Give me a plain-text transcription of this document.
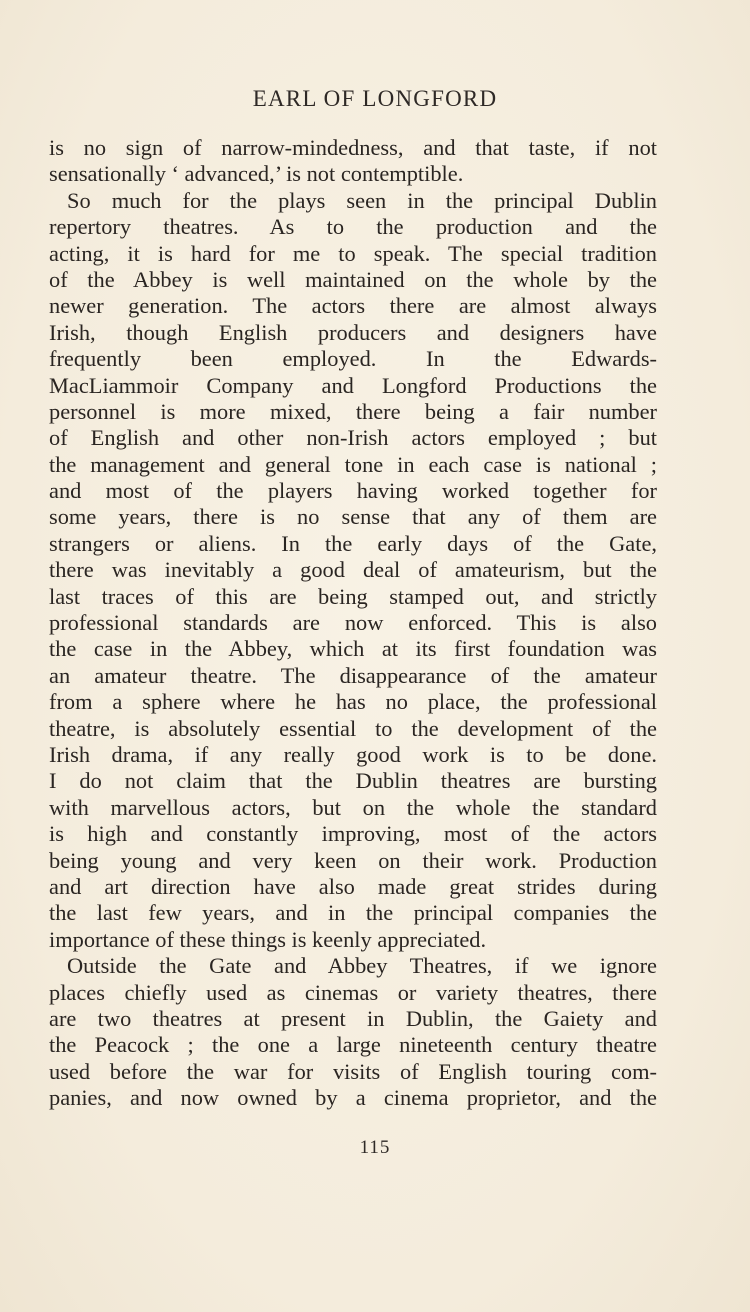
EARL OF LONGFORD
is no sign of narrow-mindedness, and that taste, if not
sensationally ‘ advanced,’ is not contemptible.
So much for the plays seen in the principal Dublin
repertory theatres. As to the production and the
acting, it is hard for me to speak. The special tradition
of the Abbey is well maintained on the whole by the
newer generation. The actors there are almost always
Irish, though English producers and designers have
frequently been employed. In the Edwards-
MacLiammoir Company and Longford Productions the
personnel is more mixed, there being a fair number
of English and other non-Irish actors employed ; but
the management and general tone in each case is national ;
and most of the players having worked together for
some years, there is no sense that any of them are
strangers or aliens. In the early days of the Gate,
there was inevitably a good deal of amateurism, but the
last traces of this are being stamped out, and strictly
professional standards are now enforced. This is also
the case in the Abbey, which at its first foundation was
an amateur theatre. The disappearance of the amateur
from a sphere where he has no place, the professional
theatre, is absolutely essential to the development of the
Irish drama, if any really good work is to be done.
I do not claim that the Dublin theatres are bursting
with marvellous actors, but on the whole the standard
is high and constantly improving, most of the actors
being young and very keen on their work. Production
and art direction have also made great strides during
the last few years, and in the principal companies the
importance of these things is keenly appreciated.
Outside the Gate and Abbey Theatres, if we ignore
places chiefly used as cinemas or variety theatres, there
are two theatres at present in Dublin, the Gaiety and
the Peacock ; the one a large nineteenth century theatre
used before the war for visits of English touring com-
panies, and now owned by a cinema proprietor, and the
115
